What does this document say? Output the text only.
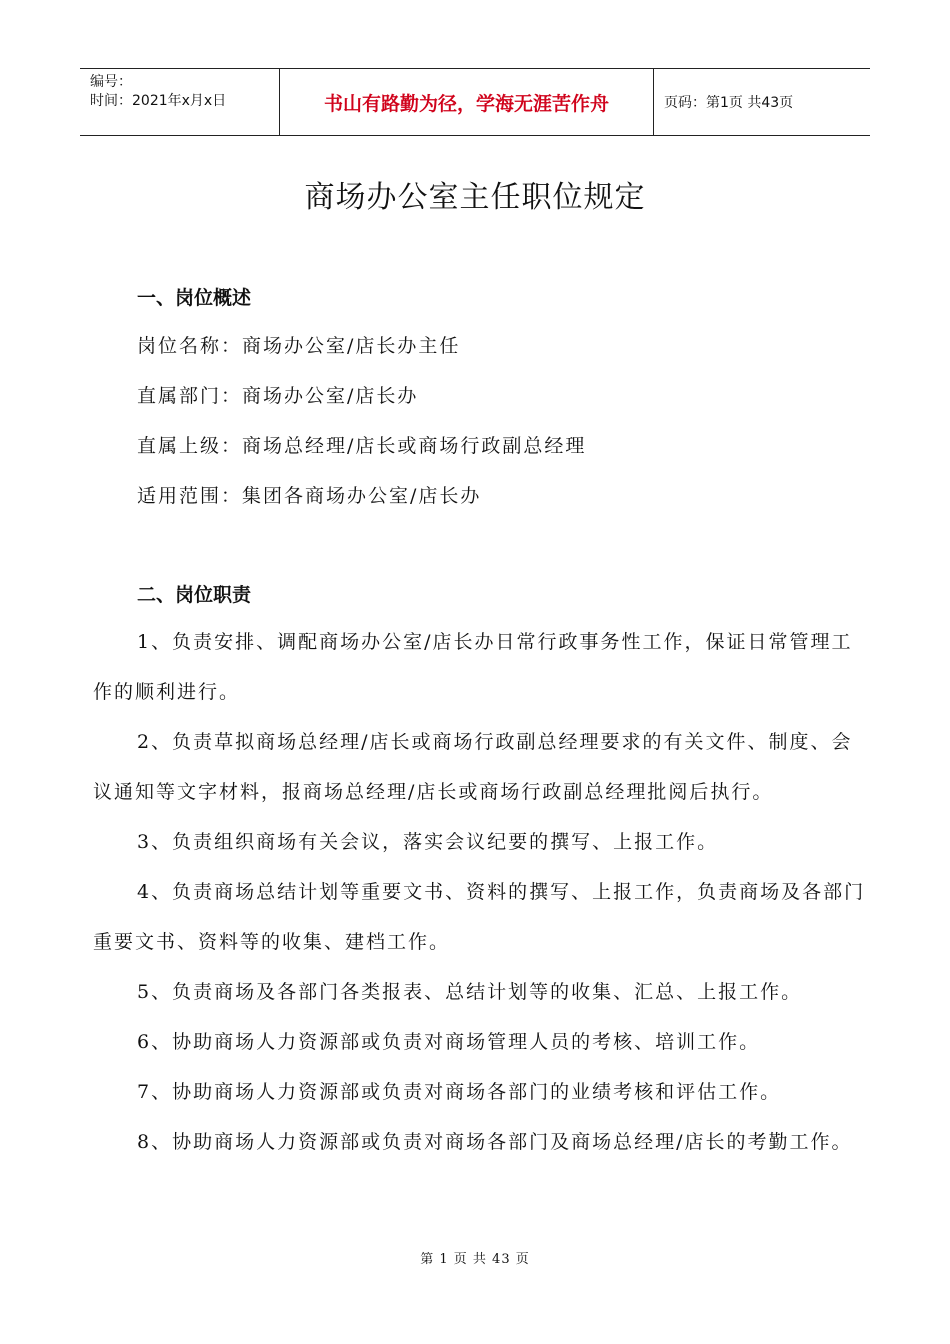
编号：
时间：2021年x月x日	书山有路勤为径，学海无涯苦作舟	页码：第1页 共43页
商场办公室主任职位规定
一、岗位概述
岗位名称：商场办公室/店长办主任
直属部门：商场办公室/店长办
直属上级：商场总经理/店长或商场行政副总经理
适用范围：集团各商场办公室/店长办
二、岗位职责
1、负责安排、调配商场办公室/店长办日常行政事务性工作，保证日常管理工作的顺利进行。
2、负责草拟商场总经理/店长或商场行政副总经理要求的有关文件、制度、会议通知等文字材料，报商场总经理/店长或商场行政副总经理批阅后执行。
3、负责组织商场有关会议，落实会议纪要的撰写、上报工作。
4、负责商场总结计划等重要文书、资料的撰写、上报工作，负责商场及各部门重要文书、资料等的收集、建档工作。
5、负责商场及各部门各类报表、总结计划等的收集、汇总、上报工作。
6、协助商场人力资源部或负责对商场管理人员的考核、培训工作。
7、协助商场人力资源部或负责对商场各部门的业绩考核和评估工作。
8、协助商场人力资源部或负责对商场各部门及商场总经理/店长的考勤工作。
第 1 页 共 43 页
